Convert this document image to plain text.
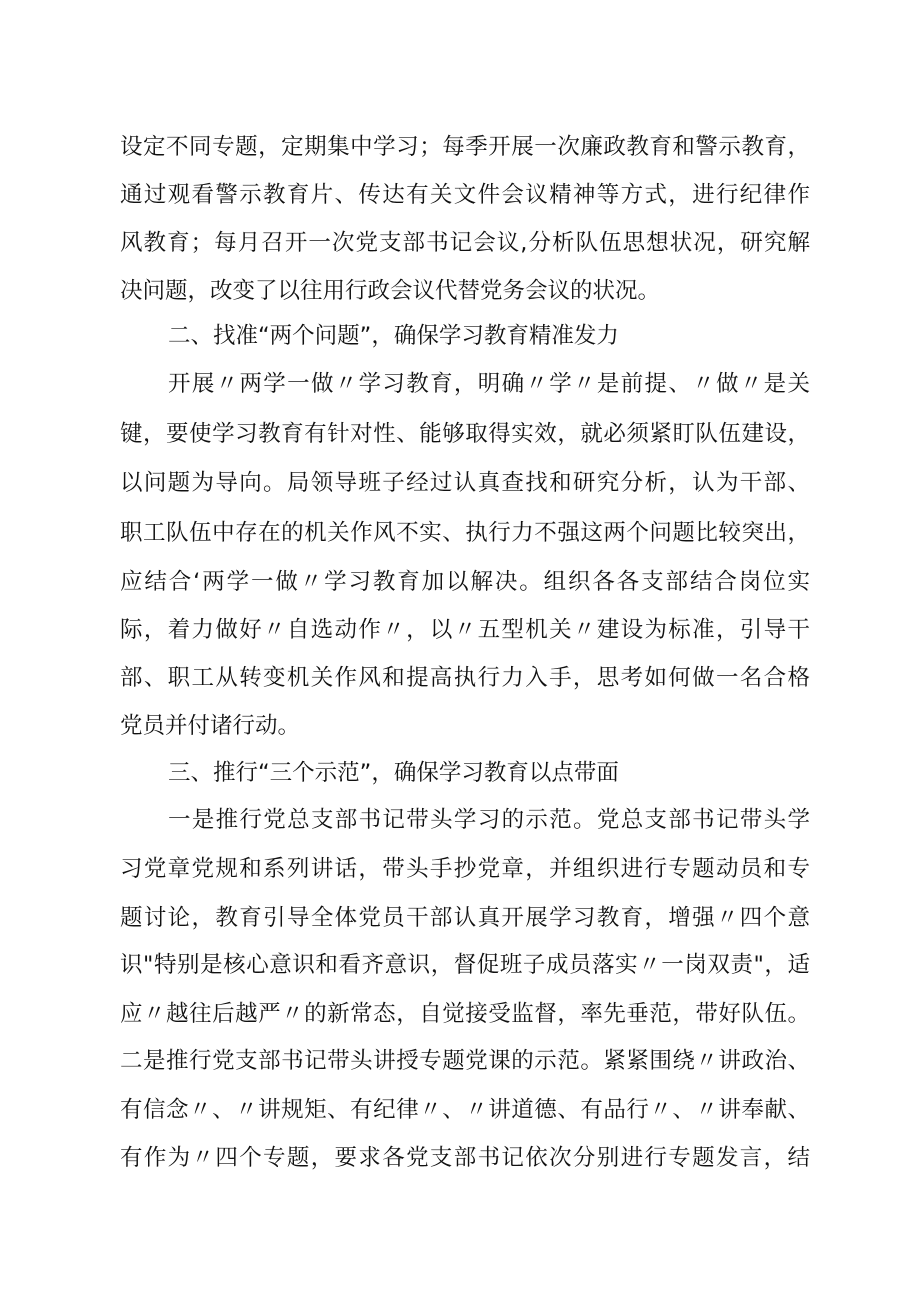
设定不同专题，定期集中学习；每季开展一次廉政教育和警示教育，
通过观看警示教育片、传达有关文件会议精神等方式，进行纪律作
风教育；每月召开一次党支部书记会议,分析队伍思想状况，研究解
决问题，改变了以往用行政会议代替党务会议的状况。
二、找准“两个问题”，确保学习教育精准发力
开展〃两学一做〃学习教育，明确〃学〃是前提、〃做〃是关
键，要使学习教育有针对性、能够取得实效，就必须紧盯队伍建设，
以问题为导向。局领导班子经过认真查找和研究分析，认为干部、
职工队伍中存在的机关作风不实、执行力不强这两个问题比较突出，
应结合‘两学一做〃学习教育加以解决。组织各各支部结合岗位实
际，着力做好〃自选动作〃，以〃五型机关〃建设为标准，引导干
部、职工从转变机关作风和提高执行力入手，思考如何做一名合格
党员并付诸行动。
三、推行“三个示范”，确保学习教育以点带面
一是推行党总支部书记带头学习的示范。党总支部书记带头学
习党章党规和系列讲话，带头手抄党章，并组织进行专题动员和专
题讨论，教育引导全体党员干部认真开展学习教育，增强〃四个意
识"特别是核心意识和看齐意识，督促班子成员落实〃一岗双责"，适
应〃越往后越严〃的新常态，自觉接受监督，率先垂范，带好队伍。
二是推行党支部书记带头讲授专题党课的示范。紧紧围绕〃讲政治、
有信念〃、〃讲规矩、有纪律〃、〃讲道德、有品行〃、〃讲奉献、
有作为〃四个专题，要求各党支部书记依次分别进行专题发言，结
